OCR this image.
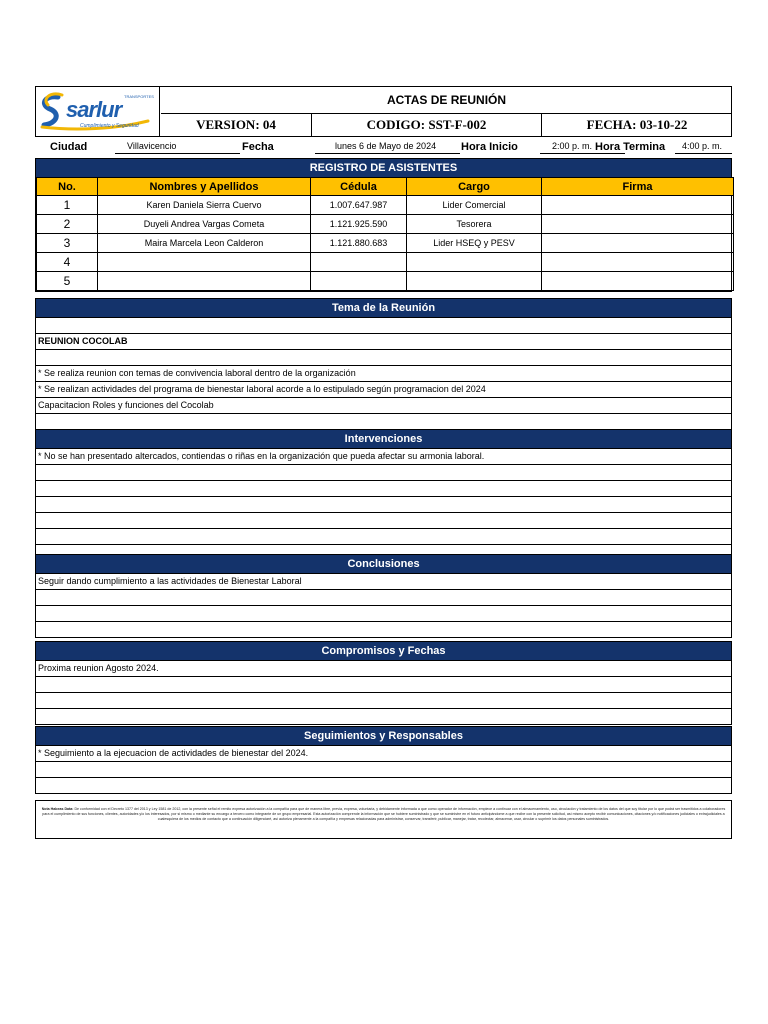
sarlur
TRANSPORTES
Cumplimiento y Seguridad
ACTAS DE REUNIÓN
VERSION: 04	CODIGO: SST-F-002	FECHA: 03-10-22
Ciudad	Villavicencio	Fecha	lunes 6 de Mayo de 2024 Hora Inicio	2:00 p. m. Hora Termina 4:00 p. m.
REGISTRO DE ASISTENTES
No.	Nombres y Apellidos	Cédula	Cargo	Firma
1	Karen Daniela Sierra Cuervo	1.007.647.987	Lider Comercial	
2	Duyeli Andrea Vargas Cometa	1.121.925.590	Tesorera	
3	Maira Marcela Leon Calderon	1.121.880.683	Lider HSEQ y PESV	
4				
5				
Tema de la Reunión
REUNION COCOLAB
* Se realiza reunion con temas de convivencia laboral dentro de la organización
* Se realizan actividades del programa de bienestar laboral acorde a lo estipulado según programacion del 2024
Capacitacion Roles y funciones del Cocolab
Intervenciones
* No se han presentado altercados, contiendas o riñas en la organización que pueda afectar su armonia laboral.
Conclusiones
Seguir dando cumplimiento a las actividades de Bienestar Laboral
Compromisos y Fechas
Proxima reunion Agosto 2024.
Seguimientos y Responsables
* Seguimiento a la ejecuacion de actividades de bienestar del 2024.
Nota Habeas Data: De conformidad con el Decreto 1377 del 2013 y Ley 1581 de 2012, con la presente señal el remito expresa autorización a la compañía para que de manera libre, previa, expresa, voluntaria, y debidamente informada a que como operador de información, empiece a continuar con el almacenamiento, uso, circulación y tratamiento de los datos del que soy titular por lo que podrá ser trasmitidos a colaboradores para el cumplimiento de sus funciones, clientes, autoridades y/o los interesados, por si mismo o mediante su encargo a tercero como integrante de un grupo empresarial. Esta autorización comprende la información que se hubiere suministrado y que se suministre en el futuro anticipándome a que recibe con la presente solicitud, así mismo acepto recibir comunicaciones, citaciones y/o notificaciones judiciales o extrajudiciales a cualesquiera de los medios de contacto que a continuación diligenciaré, así autoriza plenamente a la compañía y empresas relacionadas para administrar, conservar, transferir, publicar, manejar, tratar, recolectar, almacenar, usar, circular o suprimir los datos personales suministrados.
